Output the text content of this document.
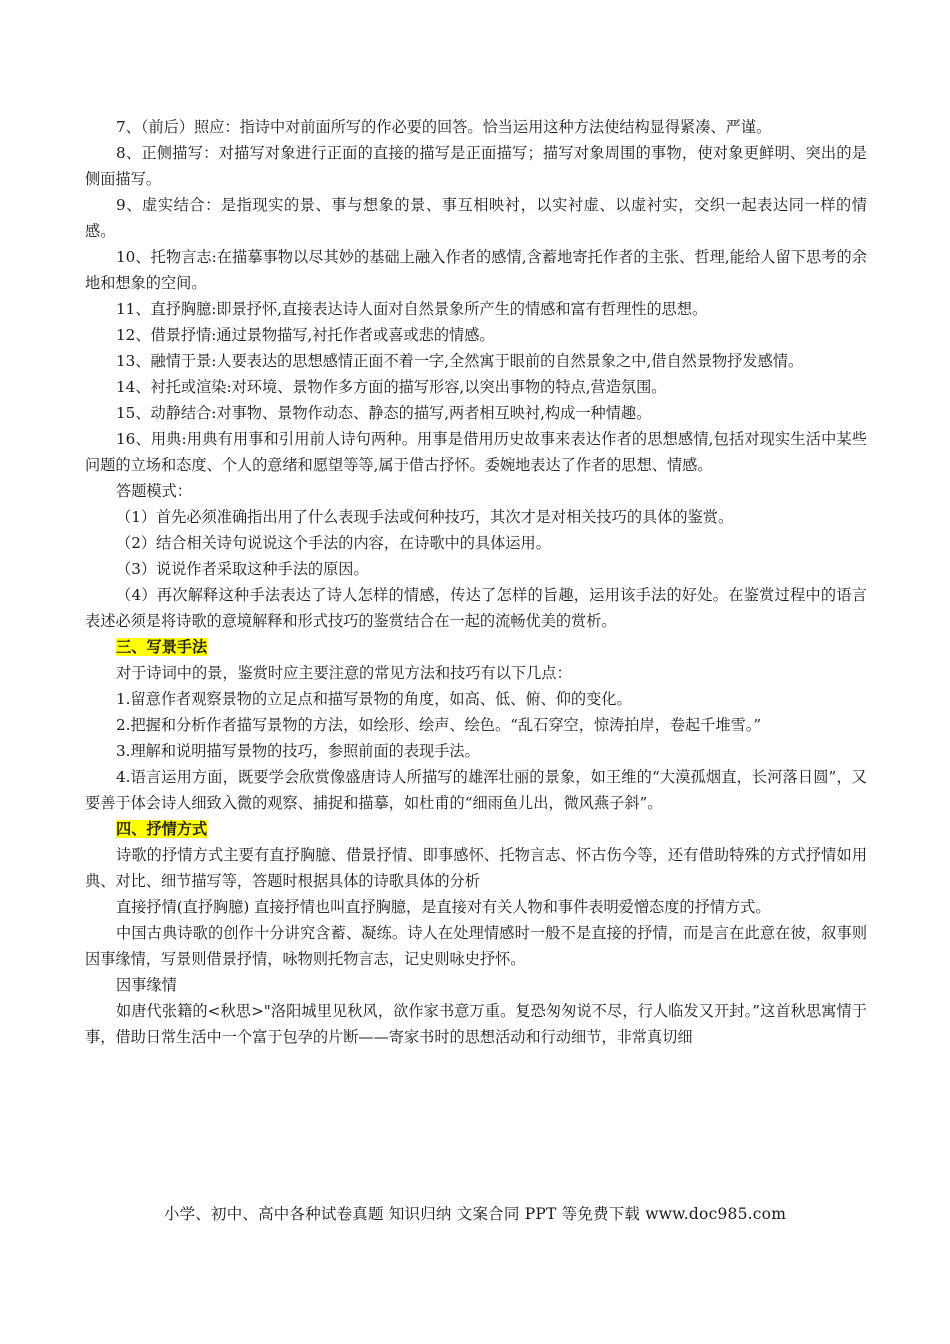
7、（前后）照应：指诗中对前面所写的作必要的回答。恰当运用这种方法使结构显得紧凑、严谨。

8、正侧描写：对描写对象进行正面的直接的描写是正面描写；描写对象周围的事物，使对象更鲜明、突出的是侧面描写。

9、虚实结合：是指现实的景、事与想象的景、事互相映衬，以实衬虚、以虚衬实，交织一起表达同一样的情感。

10、托物言志:在描摹事物以尽其妙的基础上融入作者的感情,含蓄地寄托作者的主张、哲理,能给人留下思考的余地和想象的空间。

11、直抒胸臆:即景抒怀,直接表达诗人面对自然景象所产生的情感和富有哲理性的思想。

12、借景抒情:通过景物描写,衬托作者或喜或悲的情感。

13、融情于景:人要表达的思想感情正面不着一字,全然寓于眼前的自然景象之中,借自然景物抒发感情。

14、衬托或渲染:对环境、景物作多方面的描写形容,以突出事物的特点,营造氛围。

15、动静结合:对事物、景物作动态、静态的描写,两者相互映衬,构成一种情趣。

16、用典:用典有用事和引用前人诗句两种。用事是借用历史故事来表达作者的思想感情,包括对现实生活中某些问题的立场和态度、个人的意绪和愿望等等,属于借古抒怀。委婉地表达了作者的思想、情感。

答题模式：

（1）首先必须准确指出用了什么表现手法或何种技巧，其次才是对相关技巧的具体的鉴赏。

（2）结合相关诗句说说这个手法的内容，在诗歌中的具体运用。

（3）说说作者采取这种手法的原因。

（4）再次解释这种手法表达了诗人怎样的情感，传达了怎样的旨趣，运用该手法的好处。在鉴赏过程中的语言表述必须是将诗歌的意境解释和形式技巧的鉴赏结合在一起的流畅优美的赏析。

三、写景手法

对于诗词中的景，鉴赏时应主要注意的常见方法和技巧有以下几点：

1.留意作者观察景物的立足点和描写景物的角度，如高、低、俯、仰的变化。

2.把握和分析作者描写景物的方法，如绘形、绘声、绘色。“乱石穿空，惊涛拍岸，卷起千堆雪。”

3.理解和说明描写景物的技巧，参照前面的表现手法。

4.语言运用方面，既要学会欣赏像盛唐诗人所描写的雄浑壮丽的景象，如王维的“大漠孤烟直，长河落日圆”，又要善于体会诗人细致入微的观察、捕捉和描摹，如杜甫的“细雨鱼儿出，微风燕子斜”。

四、抒情方式

诗歌的抒情方式主要有直抒胸臆、借景抒情、即事感怀、托物言志、怀古伤今等，还有借助特殊的方式抒情如用典、对比、细节描写等，答题时根据具体的诗歌具体的分析

直接抒情(直抒胸臆) 直接抒情也叫直抒胸臆，是直接对有关人物和事件表明爱憎态度的抒情方式。

中国古典诗歌的创作十分讲究含蓄、凝练。诗人在处理情感时一般不是直接的抒情，而是言在此意在彼，叙事则因事缘情，写景则借景抒情，咏物则托物言志，记史则咏史抒怀。

因事缘情

如唐代张籍的<秋思>"洛阳城里见秋风，欲作家书意万重。复恐匆匆说不尽，行人临发又开封。”这首秋思寓情于事，借助日常生活中一个富于包孕的片断——寄家书时的思想活动和行动细节，非常真切细

小学、初中、高中各种试卷真题 知识归纳 文案合同 PPT 等免费下载 www.doc985.com
